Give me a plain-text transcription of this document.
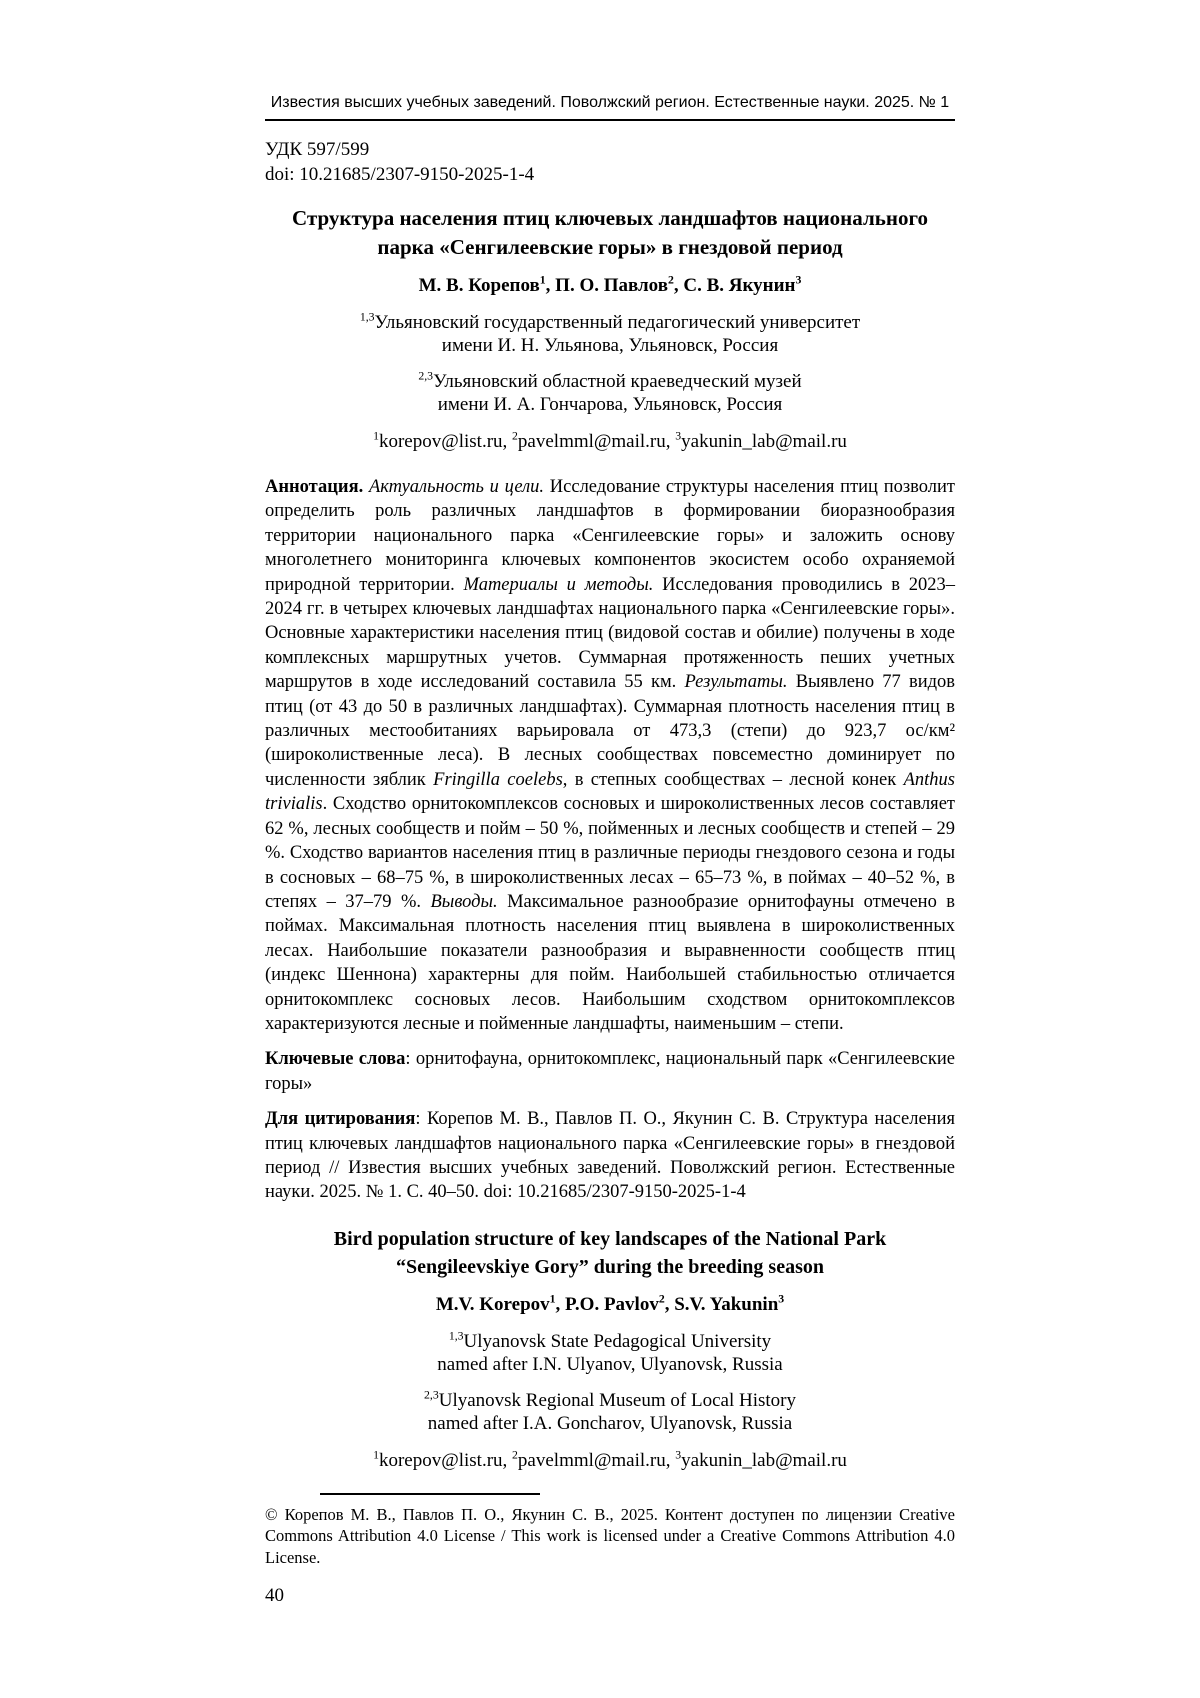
Известия высших учебных заведений. Поволжский регион. Естественные науки. 2025. № 1
УДК 597/599
doi: 10.21685/2307-9150-2025-1-4
Структура населения птиц ключевых ландшафтов национального парка «Сенгилеевские горы» в гнездовой период
М. В. Корепов$^1$, П. О. Павлов$^2$, С. В. Якунин$^3$
$^{1,3}$Ульяновский государственный педагогический университет
имени И. Н. Ульянова, Ульяновск, Россия
$^{2,3}$Ульяновский областной краеведческий музей
имени И. А. Гончарова, Ульяновск, Россия
$^1$korepov@list.ru, $^2$pavelmml@mail.ru, $^3$yakunin_lab@mail.ru
Аннотация. Актуальность и цели. Исследование структуры населения птиц позволит определить роль различных ландшафтов в формировании биоразнообразия территории национального парка «Сенгилеевские горы» и заложить основу многолетнего мониторинга ключевых компонентов экосистем особо охраняемой природной территории. Материалы и методы. Исследования проводились в 2023–2024 гг. в четырех ключевых ландшафтах национального парка «Сенгилеевские горы». Основные характеристики населения птиц (видовой состав и обилие) получены в ходе комплексных маршрутных учетов. Суммарная протяженность пеших учетных маршрутов в ходе исследований составила 55 км. Результаты. Выявлено 77 видов птиц (от 43 до 50 в различных ландшафтах). Суммарная плотность населения птиц в различных местообитаниях варьировала от 473,3 (степи) до 923,7 ос/км² (широколиственные леса). В лесных сообществах повсеместно доминирует по численности зяблик Fringilla coelebs, в степных сообществах – лесной конек Anthus trivialis. Сходство орнитокомплексов сосновых и широколиственных лесов составляет 62 %, лесных сообществ и пойм – 50 %, пойменных и лесных сообществ и степей – 29 %. Сходство вариантов населения птиц в различные периоды гнездового сезона и годы в сосновых – 68–75 %, в широколиственных лесах – 65–73 %, в поймах – 40–52 %, в степях – 37–79 %. Выводы. Максимальное разнообразие орнитофауны отмечено в поймах. Максимальная плотность населения птиц выявлена в широколиственных лесах. Наибольшие показатели разнообразия и выравненности сообществ птиц (индекс Шеннона) характерны для пойм. Наибольшей стабильностью отличается орнитокомплекс сосновых лесов. Наибольшим сходством орнитокомплексов характеризуются лесные и пойменные ландшафты, наименьшим – степи.
Ключевые слова: орнитофауна, орнитокомплекс, национальный парк «Сенгилеевские горы»
Для цитирования: Корепов М. В., Павлов П. О., Якунин С. В. Структура населения птиц ключевых ландшафтов национального парка «Сенгилеевские горы» в гнездовой период // Известия высших учебных заведений. Поволжский регион. Естественные науки. 2025. № 1. С. 40–50. doi: 10.21685/2307-9150-2025-1-4
Bird population structure of key landscapes of the National Park “Sengileevskiye Gory” during the breeding season
M.V. Korepov$^1$, P.O. Pavlov$^2$, S.V. Yakunin$^3$
$^{1,3}$Ulyanovsk State Pedagogical University
named after I.N. Ulyanov, Ulyanovsk, Russia
$^{2,3}$Ulyanovsk Regional Museum of Local History
named after I.A. Goncharov, Ulyanovsk, Russia
$^1$korepov@list.ru, $^2$pavelmml@mail.ru, $^3$yakunin_lab@mail.ru
© Корепов М. В., Павлов П. О., Якунин С. В., 2025. Контент доступен по лицензии Creative Commons Attribution 4.0 License / This work is licensed under a Creative Commons Attribution 4.0 License.
40
